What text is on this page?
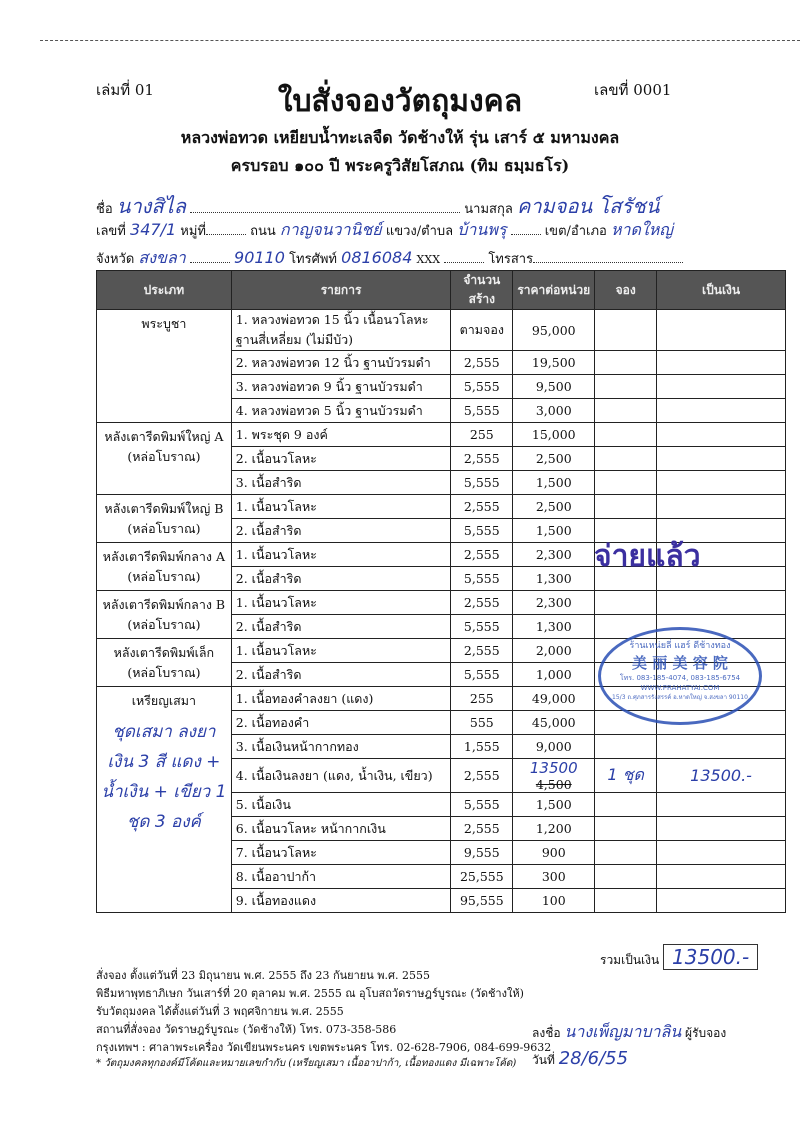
เล่มที่ 01	ใบสั่งจองวัตถุมงคล	เลขที่ 0001
หลวงพ่อทวด เหยียบน้ำทะเลจืด วัดช้างให้ รุ่น เสาร์ ๕ มหามงคล
ครบรอบ ๑๐๐ ปี พระครูวิสัยโสภณ (ทิม ธมฺมธโร)
ชื่อ นางสิไล	นามสกุล คามจอน โสรัชน์
เลขที่ 347/1 หมู่ที่	ถนน กาญจนวานิชย์ แขวง/ตำบล บ้านพรุ	เขต/อำเภอ หาดใหญ่
จังหวัด สงขลา	90110 โทรศัพท์ 0816084 XXX	โทรสาร
ประเภท	รายการ	จำนวนสร้าง	ราคาต่อหน่วย	จอง	เป็นเงิน
พระบูชา	1. หลวงพ่อทวด 15 นิ้ว เนื้อนวโลหะ ฐานสี่เหลี่ยม (ไม่มีบัว)	ตามจอง	95,000		
	2. หลวงพ่อทวด 12 นิ้ว ฐานบัวรมดำ	2,555	19,500		
	3. หลวงพ่อทวด 9 นิ้ว ฐานบัวรมดำ	5,555	9,500		
	4. หลวงพ่อทวด 5 นิ้ว ฐานบัวรมดำ	5,555	3,000		
หลังเตารีดพิมพ์ใหญ่ A (หล่อโบราณ)	1. พระชุด 9 องค์	255	15,000		
	2. เนื้อนวโลหะ	2,555	2,500		
	3. เนื้อสำริด	5,555	1,500		
หลังเตารีดพิมพ์ใหญ่ B (หล่อโบราณ)	1. เนื้อนวโลหะ	2,555	2,500		
	2. เนื้อสำริด	5,555	1,500		
หลังเตารีดพิมพ์กลาง A (หล่อโบราณ)	1. เนื้อนวโลหะ	2,555	2,300		
	2. เนื้อสำริด	5,555	1,300		
หลังเตารีดพิมพ์กลาง B (หล่อโบราณ)	1. เนื้อนวโลหะ	2,555	2,300		
	2. เนื้อสำริด	5,555	1,300		
หลังเตารีดพิมพ์เล็ก (หล่อโบราณ)	1. เนื้อนวโลหะ	2,555	2,000		
	2. เนื้อสำริด	5,555	1,000		

เหรียญเสมา
ชุดเสมา ลงยาเงิน 3 สี แดง + น้ำเงิน + เขียว 1 ชุด 3 องค์	1. เนื้อทองคำลงยา (แดง)	255	49,000		
	2. เนื้อทองคำ	555	45,000		
	3. เนื้อเงินหน้ากากทอง	1,555	9,000		
	4. เนื้อเงินลงยา (แดง, น้ำเงิน, เขียว)	2,555	13500 4,500	1 ชุด	13500.-
	5. เนื้อเงิน	5,555	1,500		
	6. เนื้อนวโลหะ หน้ากากเงิน	2,555	1,200		
	7. เนื้อนวโลหะ	9,555	900		
	8. เนื้ออาปาก้า	25,555	300		
	9. เนื้อทองแดง	95,555	100		
จ่ายแล้ว
ร้านเหน่ยลี่ แฮร์ ดีช้างทอง
美 丽 美 容 院
โทร. 083-185-4074, 083-185-6754
WWW.PRAHATYAI.COM
15/3 ถ.ศุภสารรังสรรค์ อ.หาดใหญ่ จ.สงขลา 90110
รวมเป็นเงิน 13500.-
สั่งจอง ตั้งแต่วันที่ 23 มิถุนายน พ.ศ. 2555 ถึง 23 กันยายน พ.ศ. 2555
พิธีมหาพุทธาภิเษก วันเสาร์ที่ 20 ตุลาคม พ.ศ. 2555 ณ อุโบสถวัดราษฎร์บูรณะ (วัดช้างให้)
รับวัตถุมงคล ได้ตั้งแต่วันที่ 3 พฤศจิกายน พ.ศ. 2555
สถานที่สั่งจอง วัดราษฎร์บูรณะ (วัดช้างให้) โทร. 073-358-586
กรุงเทพฯ : ศาลาพระเครื่อง วัดเขียนพระนคร เขตพระนคร โทร. 02-628-7906, 084-699-9632
* วัตถุมงคลทุกองค์มีโค้ดและหมายเลขกำกับ (เหรียญเสมา เนื้ออาปาก้า, เนื้อทองแดง มีเฉพาะโค้ด)
ลงชื่อ นางเพ็ญมาบาลิน ผู้รับจอง
วันที่ 28/6/55
